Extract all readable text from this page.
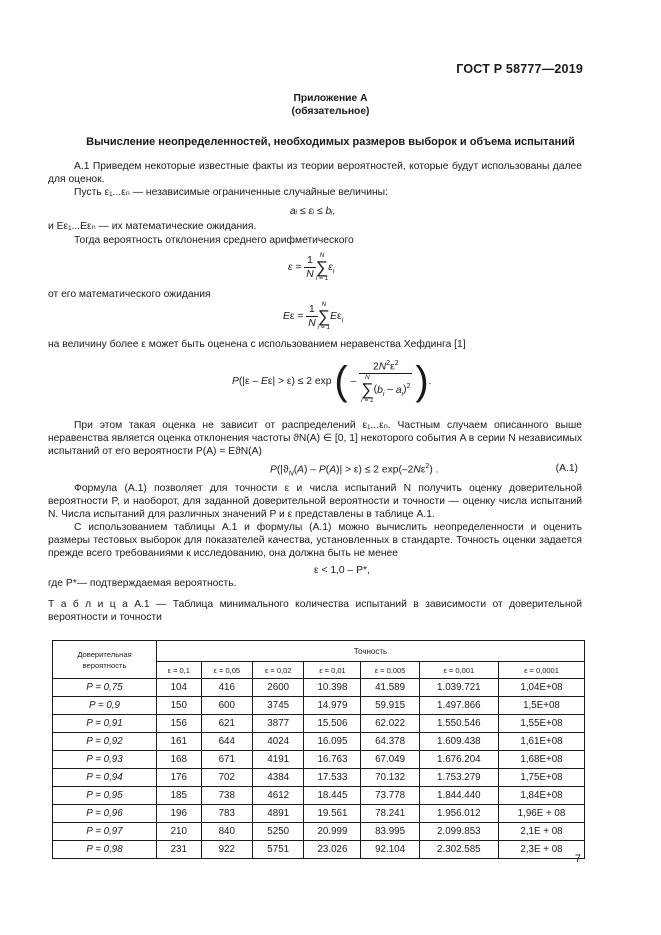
ГОСТ Р 58777—2019
Приложение А
(обязательное)
Вычисление неопределенностей, необходимых размеров выборок и объема испытаний
А.1 Приведем некоторые известные факты из теории вероятностей, которые будут использованы далее для оценок.
Пусть ε₁...εₙ — независимые ограниченные случайные величины:
aᵢ ≤ εᵢ ≤ bᵢ,
и Eε₁...Eεₙ — их математические ожидания.
Тогда вероятность отклонения среднего арифметического
$\varepsilon = \frac{1}{N}$ N
∑
i = 1
$\varepsilon_i$
от его математического ожидания
$E\varepsilon = \frac{1}{N}$ N
∑
i = 1
$E\varepsilon_i$
на величину более ε может быть оценена с использованием неравенства Хефдинга [1]
P(|ε – Eε| > ε) ≤ 2 exp ( – $2N^2\varepsilon^2$
N
∑
i = 1
$(b_i - a_i)^2$ ).
При этом такая оценка не зависит от распределений ε₁...εₙ. Частным случаем описанного выше неравенства является оценка отклонения частоты ϑN(A) ∈ [0, 1] некоторого события A в серии N независимых испытаний от его вероятности P(A) = EϑN(A)
$P(|ϑ_N(A) - P(A)| > \varepsilon) \le 2$ $\exp(-2N\varepsilon^2)$ .	(А.1)
Формула (А.1) позволяет для точности ε и числа испытаний N получить оценку доверительной вероятности P, и наоборот, для заданной доверительной вероятности и точности — оценку числа испытаний N. Числа испытаний для различных значений P и ε представлены в таблице А.1.
С использованием таблицы А.1 и формулы (А.1) можно вычислить неопределенности и оценить размеры тестовых выборок для показателей качества, установленных в стандарте. Точность оценки задается прежде всего требованиями к исследованию, она должна быть не менее
ε < 1,0 – P*,
где P*— подтверждаемая вероятность.
Т а б л и ц а А.1 — Таблица минимального количества испытаний в зависимости от доверительной вероятности и точности
Доверительная вероятность	Точность						
	ε = 0,1	ε = 0,05	ε = 0,02	ε = 0,01	ε = 0.005	ε = 0,001	ε = 0,0001
P = 0,75	104	416	2600	10.398	41.589	1.039.721	1,04E+08
P = 0,9	150	600	3745	14.979	59.915	1.497.866	1,5E+08
P = 0,91	156	621	3877	15.506	62.022	1.550.546	1,55E+08
P = 0,92	161	644	4024	16.095	64.378	1.609.438	1,61E+08
P = 0,93	168	671	4191	16.763	67.049	1.676.204	1,68E+08
P = 0,94	176	702	4384	17.533	70.132	1.753.279	1,75E+08
P = 0,95	185	738	4612	18.445	73.778	1.844.440	1,84E+08
P = 0,96	196	783	4891	19.561	78.241	1.956.012	1,96E + 08
P = 0,97	210	840	5250	20.999	83.995	2.099.853	2,1E + 08
P = 0,98	231	922	5751	23.026	92.104	2.302.585	2,3E + 08
7
